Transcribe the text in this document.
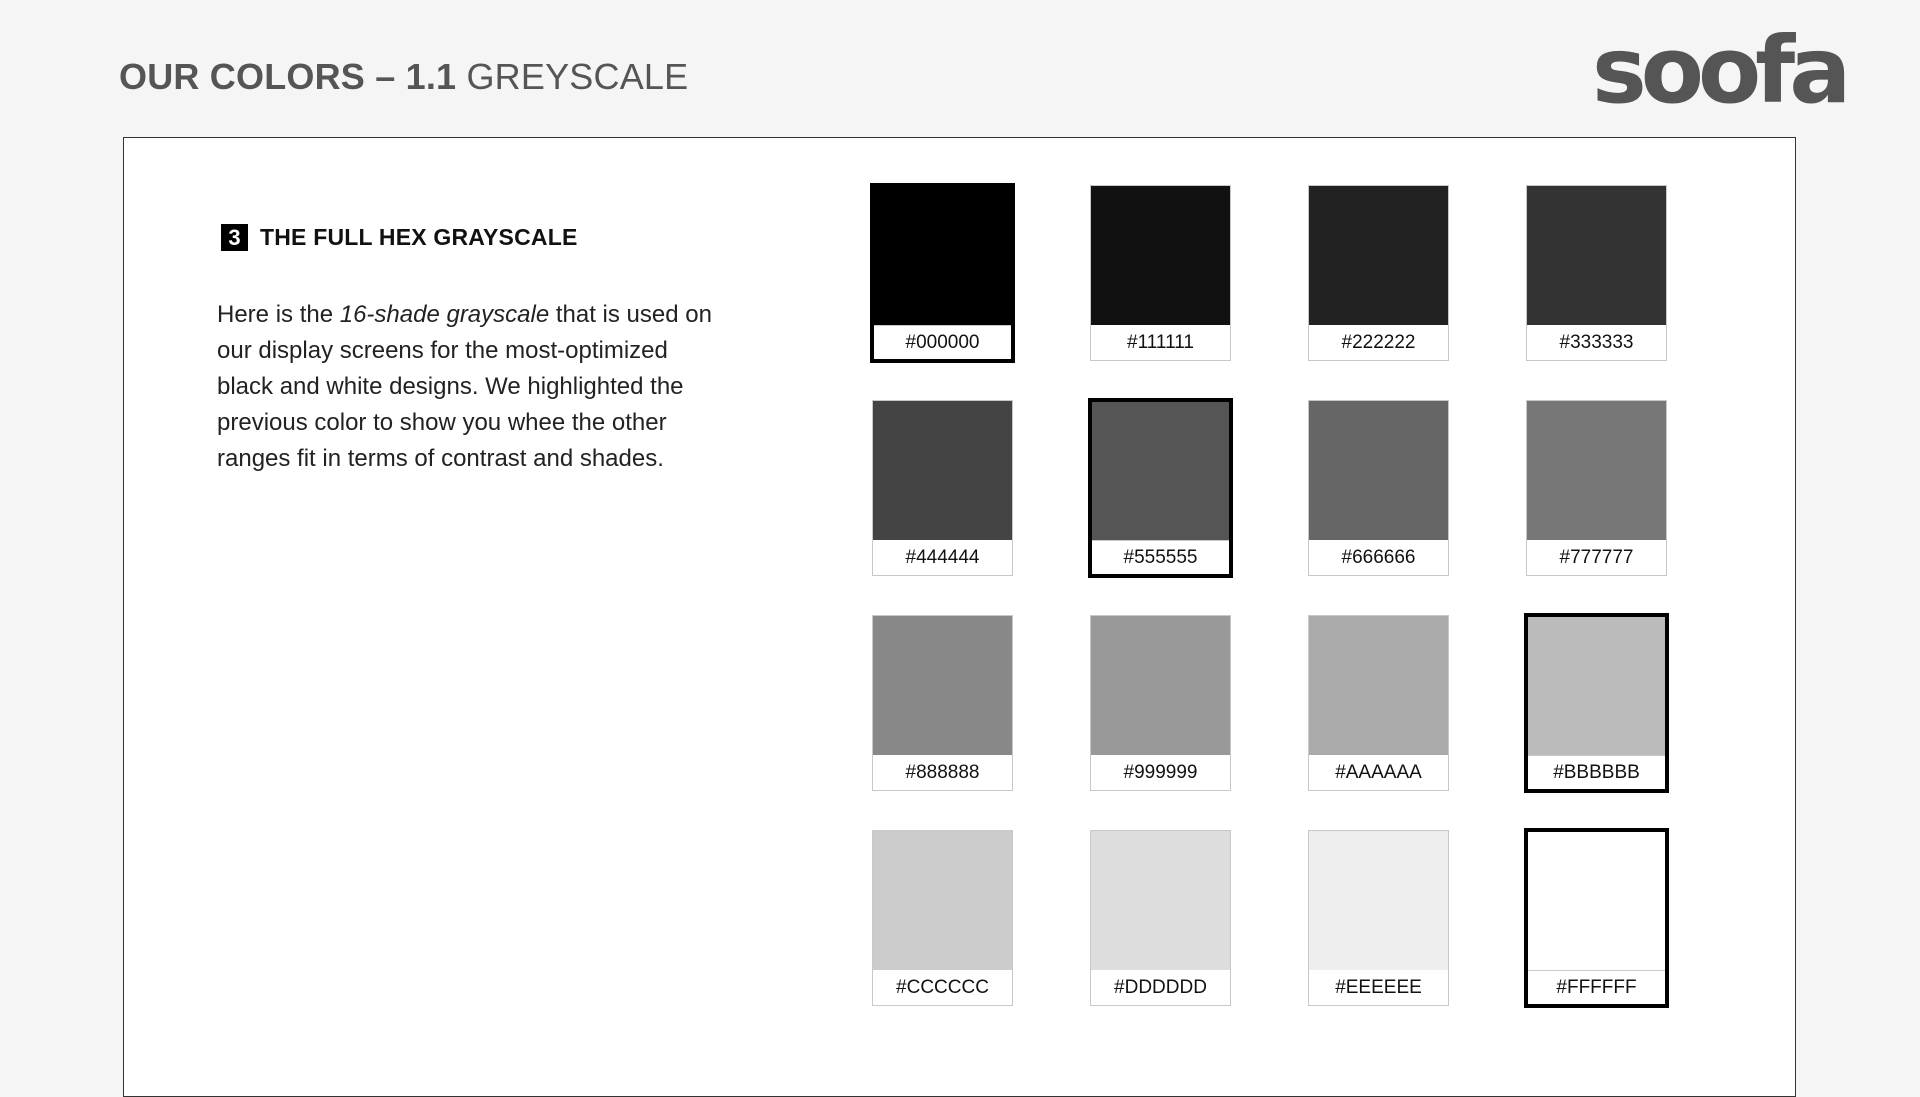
OUR COLORS – 1.1 GREYSCALE	soofa
3 THE FULL HEX GRAYSCALE
Here is the 16-shade grayscale that is used on our display screens for the most-optimized black and white designs. We highlighted the previous color to show you whee the other ranges fit in terms of contrast and shades.
#000000	#111111	#222222	#333333
#444444	#555555	#666666	#777777
#888888	#999999	#AAAAAA	#BBBBBB
#CCCCCC	#DDDDDD	#EEEEEE	#FFFFFF
